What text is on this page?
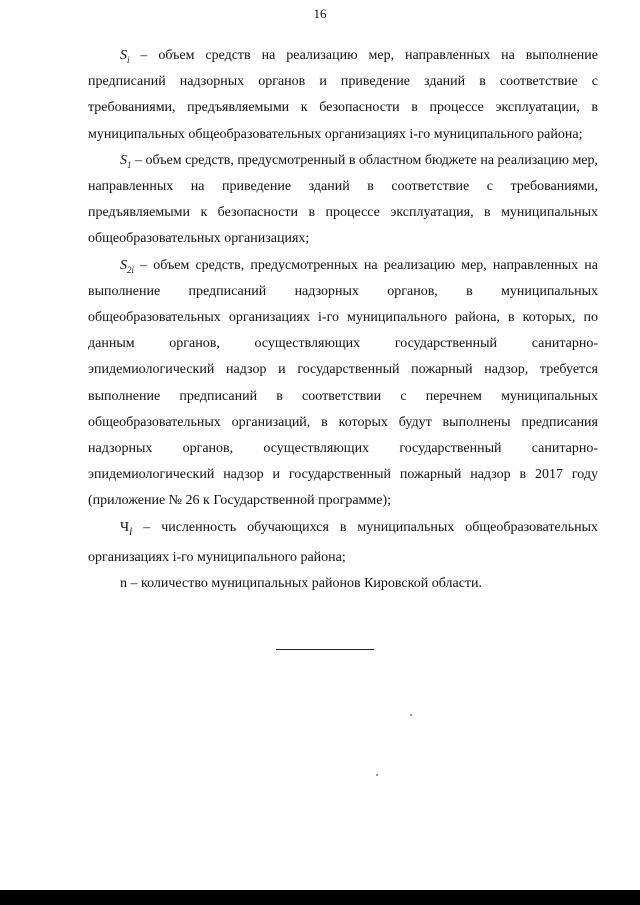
16

$S_i$ – объем средств на реализацию мер, направленных на выполнение предписаний надзорных органов и приведение зданий в соответствие с требованиями, предъявляемыми к безопасности в процессе эксплуатации, в муниципальных общеобразовательных организациях i-го муниципального района;

$S_1$ – объем средств, предусмотренный в областном бюджете на реализацию мер, направленных на приведение зданий в соответствие с требованиями, предъявляемыми к безопасности в процессе эксплуатация, в муниципальных общеобразовательных организациях;

$S_{2i}$ – объем средств, предусмотренных на реализацию мер, направленных на выполнение предписаний надзорных органов, в муниципальных общеобразовательных организациях i-го муниципального района, в которых, по данным органов, осуществляющих государственный санитарно-эпидемиологический надзор и государственный пожарный надзор, требуется выполнение предписаний в соответствии с перечнем муниципальных общеобразовательных организаций, в которых будут выполнены предписания надзорных органов, осуществляющих государственный санитарно-эпидемиологический надзор и государственный пожарный надзор в 2017 году (приложение № 26 к Государственной программе);

$Ч_i$ – численность обучающихся в муниципальных общеобразовательных организациях i-го муниципального района;

n – количество муниципальных районов Кировской области.
